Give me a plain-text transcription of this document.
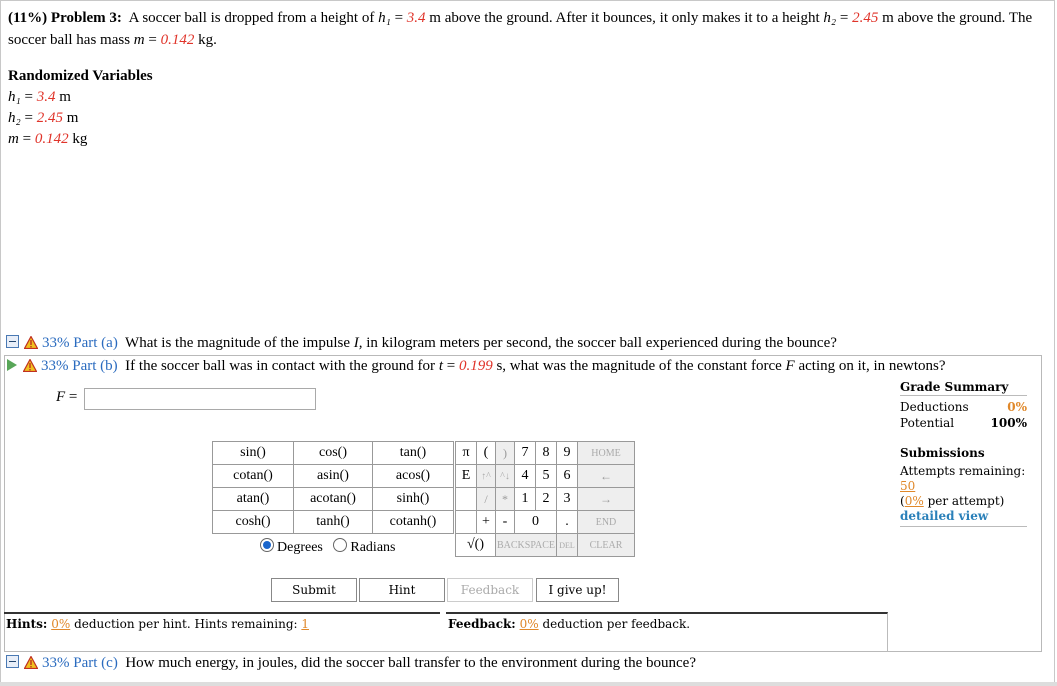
(11%) Problem 3: A soccer ball is dropped from a height of h₁ = 3.4 m above the ground. After it bounces, it only makes it to a height h₂ = 2.45 m above the ground. The soccer ball has mass m = 0.142 kg.
Randomized Variables
h₁ = 3.4 m
h₂ = 2.45 m
m = 0.142 kg
33% Part (a) What is the magnitude of the impulse I, in kilogram meters per second, the soccer ball experienced during the bounce?
33% Part (b) If the soccer ball was in contact with the ground for t = 0.199 s, what was the magnitude of the constant force F acting on it, in newtons?
F =
Grade Summary
Deductions	0%
Potential	100%
Submissions
Attempts remaining: 50
(0% per attempt)
detailed view
sin()	cos()	tan()
cotan()	asin()	acos()
atan()	acotan()	sinh()
cosh()	tanh()	cotanh()
Degrees Radians
π	(	)	7	8	9	HOME
E	↑^	^↓	4	5	6	←
	/	*	1	2	3	→
	+	-	0		.	END
√()		BACKSPACE			DEL	CLEAR
Submit	Hint	Feedback	I give up!
Hints: 0% deduction per hint. Hints remaining: 1	Feedback: 0% deduction per feedback.
33% Part (c) How much energy, in joules, did the soccer ball transfer to the environment during the bounce?
